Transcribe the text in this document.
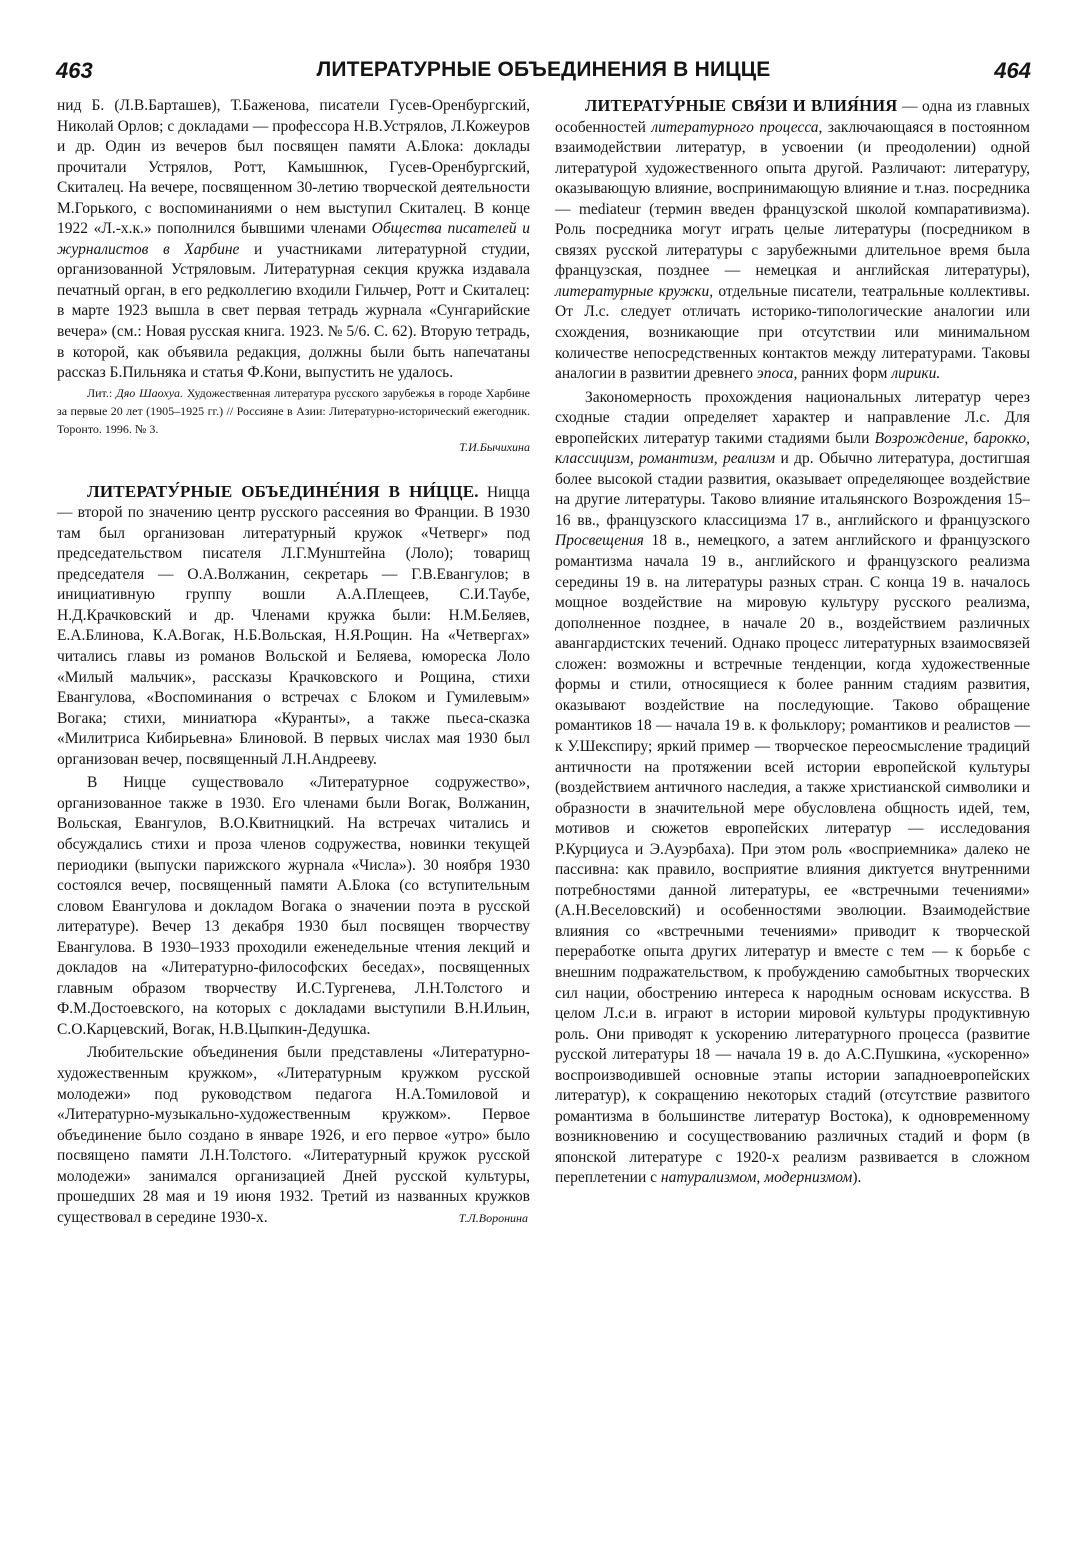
463	ЛИТЕРАТУРНЫЕ ОБЪЕДИНЕНИЯ В НИЦЦЕ	464

нид Б. (Л.В.Барташев), Т.Баженова, писатели Гусев-Оренбургский, Николай Орлов; с докладами — профессора Н.В.Устрялов, Л.Кожеуров и др. Один из вечеров был посвящен памяти А.Блока: доклады прочитали Устрялов, Ротт, Камышнюк, Гусев-Оренбургский, Скиталец. На вечере, посвященном 30-летию творческой деятельности М.Горького, с воспоминаниями о нем выступил Скиталец. В конце 1922 «Л.-х.к.» пополнился бывшими членами Общества писателей и журналистов в Харбине и участниками литературной студии, организованной Устряловым. Литературная секция кружка издавала печатный орган, в его редколлегию входили Гильчер, Ротт и Скиталец: в марте 1923 вышла в свет первая тетрадь журнала «Сунгарийские вечера» (см.: Новая русская книга. 1923. № 5/6. С. 62). Вторую тетрадь, в которой, как объявила редакция, должны были быть напечатаны рассказ Б.Пильняка и статья Ф.Кони, выпустить не удалось.

Лит.: Дяо Шаохуа. Художественная литература русского зарубежья в городе Харбине за первые 20 лет (1905–1925 гг.) // Россияне в Азии: Литературно-исторический ежегодник. Торонто. 1996. № 3.

Т.И.Бычихина

ЛИТЕРАТУ́РНЫЕ ОБЪЕДИНЕ́НИЯ В НИ́ЦЦЕ. Ницца — второй по значению центр русского рассеяния во Франции. В 1930 там был организован литературный кружок «Четверг» под председательством писателя Л.Г.Мунштейна (Лоло); товарищ председателя — О.А.Волжанин, секретарь — Г.В.Евангулов; в инициативную группу вошли А.А.Плещеев, С.И.Таубе, Н.Д.Крачковский и др. Членами кружка были: Н.М.Беляев, Е.А.Блинова, К.А.Вогак, Н.Б.Вольская, Н.Я.Рощин. На «Четвергах» читались главы из романов Вольской и Беляева, юмореска Лоло «Милый мальчик», рассказы Крачковского и Рощина, стихи Евангулова, «Воспоминания о встречах с Блоком и Гумилевым» Вогака; стихи, миниатюра «Куранты», а также пьеса-сказка «Милитриса Кибирьевна» Блиновой. В первых числах мая 1930 был организован вечер, посвященный Л.Н.Андрееву.

В Ницце существовало «Литературное содружество», организованное также в 1930. Его членами были Вогак, Волжанин, Вольская, Евангулов, В.О.Квитницкий. На встречах читались и обсуждались стихи и проза членов содружества, новинки текущей периодики (выпуски парижского журнала «Числа»). 30 ноября 1930 состоялся вечер, посвященный памяти А.Блока (со вступительным словом Евангулова и докладом Вогака о значении поэта в русской литературе). Вечер 13 декабря 1930 был посвящен творчеству Евангулова. В 1930–1933 проходили еженедельные чтения лекций и докладов на «Литературно-философских беседах», посвященных главным образом творчеству И.С.Тургенева, Л.Н.Толстого и Ф.М.Достоевского, на которых с докладами выступили В.Н.Ильин, С.О.Карцевский, Вогак, Н.В.Цыпкин-Дедушка.

Любительские объединения были представлены «Литературно-художественным кружком», «Литературным кружком русской молодежи» под руководством педагога Н.А.Томиловой и «Литературно-музыкально-художественным кружком». Первое объединение было создано в январе 1926, и его первое «утро» было посвящено памяти Л.Н.Толстого. «Литературный кружок русской молодежи» занимался организацией Дней русской культуры, прошедших 28 мая и 19 июня 1932. Третий из названных кружков существовал в середине 1930-х.	Т.Л.Воронина

ЛИТЕРАТУ́РНЫЕ СВЯ́ЗИ И ВЛИЯ́НИЯ — одна из главных особенностей литературного процесса, заключающаяся в постоянном взаимодействии литератур, в усвоении (и преодолении) одной литературой художественного опыта другой. Различают: литературу, оказывающую влияние, воспринимающую влияние и т.наз. посредника — mediateur (термин введен французской школой компаративизма). Роль посредника могут играть целые литературы (посредником в связях русской литературы с зарубежными длительное время была французская, позднее — немецкая и английская литературы), литературные кружки, отдельные писатели, театральные коллективы. От Л.с. следует отличать историко-типологические аналогии или схождения, возникающие при отсутствии или минимальном количестве непосредственных контактов между литературами. Таковы аналогии в развитии древнего эпоса, ранних форм лирики.

Закономерность прохождения национальных литератур через сходные стадии определяет характер и направление Л.с. Для европейских литератур такими стадиями были Возрождение, барокко, классицизм, романтизм, реализм и др. Обычно литература, достигшая более высокой стадии развития, оказывает определяющее воздействие на другие литературы. Таково влияние итальянского Возрождения 15–16 вв., французского классицизма 17 в., английского и французского Просвещения 18 в., немецкого, а затем английского и французского романтизма начала 19 в., английского и французского реализма середины 19 в. на литературы разных стран. С конца 19 в. началось мощное воздействие на мировую культуру русского реализма, дополненное позднее, в начале 20 в., воздействием различных авангардистских течений. Однако процесс литературных взаимосвязей сложен: возможны и встречные тенденции, когда художественные формы и стили, относящиеся к более ранним стадиям развития, оказывают воздействие на последующие. Таково обращение романтиков 18 — начала 19 в. к фольклору; романтиков и реалистов — к У.Шекспиру; яркий пример — творческое переосмысление традиций античности на протяжении всей истории европейской культуры (воздействием античного наследия, а также христианской символики и образности в значительной мере обусловлена общность идей, тем, мотивов и сюжетов европейских литератур — исследования Р.Курциуса и Э.Ауэрбаха). При этом роль «восприемника» далеко не пассивна: как правило, восприятие влияния диктуется внутренними потребностями данной литературы, ее «встречными течениями» (А.Н.Веселовский) и особенностями эволюции. Взаимодействие влияния со «встречными течениями» приводит к творческой переработке опыта других литератур и вместе с тем — к борьбе с внешним подражательством, к пробуждению самобытных творческих сил нации, обострению интереса к народным основам искусства. В целом Л.с.и в. играют в истории мировой культуры продуктивную роль. Они приводят к ускорению литературного процесса (развитие русской литературы 18 — начала 19 в. до А.С.Пушкина, «ускоренно» воспроизводившей основные этапы истории западноевропейских литератур), к сокращению некоторых стадий (отсутствие развитого романтизма в большинстве литератур Востока), к одновременному возникновению и сосуществованию различных стадий и форм (в японской литературе с 1920-х реализм развивается в сложном переплетении с натурализмом, модернизмом).
